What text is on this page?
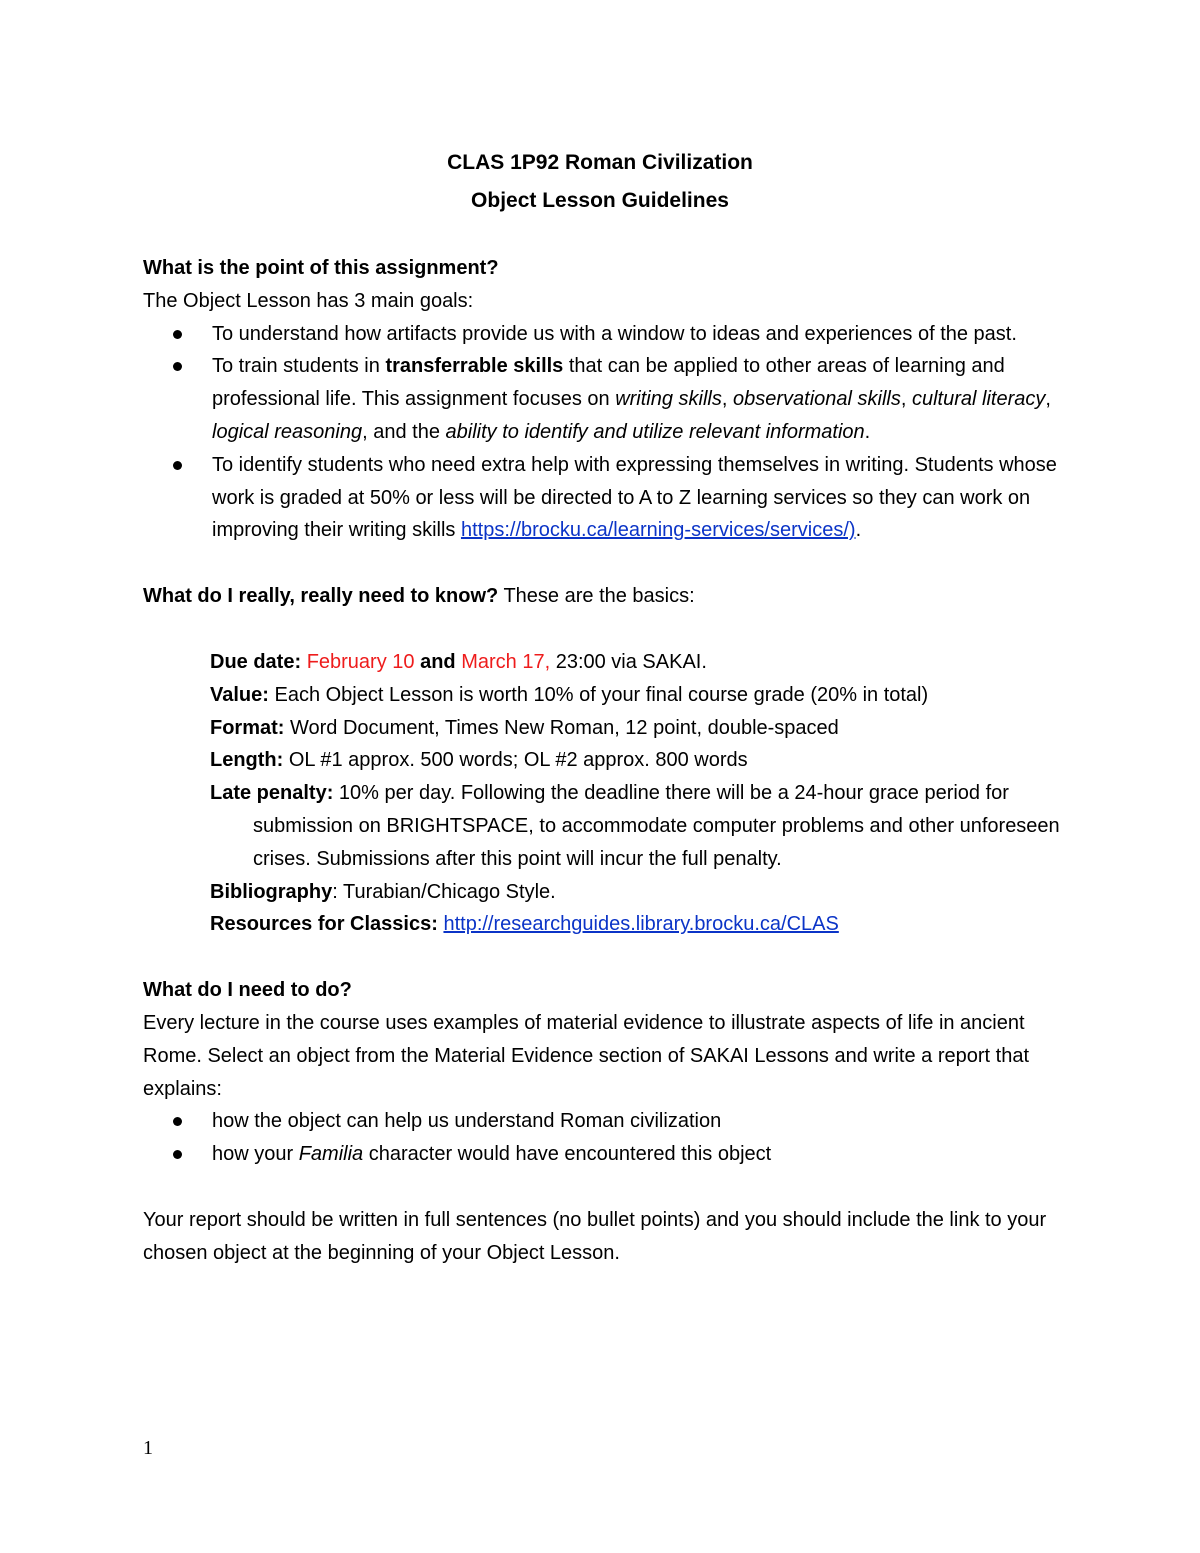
CLAS 1P92 Roman Civilization
Object Lesson Guidelines

What is the point of this assignment?

The Object Lesson has 3 main goals:

To understand how artifacts provide us with a window to ideas and experiences of the past.
To train students in transferrable skills that can be applied to other areas of learning and professional life. This assignment focuses on writing skills, observational skills, cultural literacy, logical reasoning, and the ability to identify and utilize relevant information.
To identify students who need extra help with expressing themselves in writing. Students whose work is graded at 50% or less will be directed to A to Z learning services so they can work on improving their writing skills https://brocku.ca/learning-services/services/).

What do I really, really need to know? These are the basics:

Due date: February 10 and March 17, 23:00 via SAKAI.

Value: Each Object Lesson is worth 10% of your final course grade (20% in total)

Format: Word Document, Times New Roman, 12 point, double-spaced

Length: OL #1 approx. 500 words; OL #2 approx. 800 words

Late penalty: 10% per day. Following the deadline there will be a 24-hour grace period for submission on BRIGHTSPACE, to accommodate computer problems and other unforeseen crises. Submissions after this point will incur the full penalty.

Bibliography: Turabian/Chicago Style.

Resources for Classics: http://researchguides.library.brocku.ca/CLAS

What do I need to do?

Every lecture in the course uses examples of material evidence to illustrate aspects of life in ancient Rome. Select an object from the Material Evidence section of SAKAI Lessons and write a report that explains:

how the object can help us understand Roman civilization
how your Familia character would have encountered this object

Your report should be written in full sentences (no bullet points) and you should include the link to your chosen object at the beginning of your Object Lesson.

1
